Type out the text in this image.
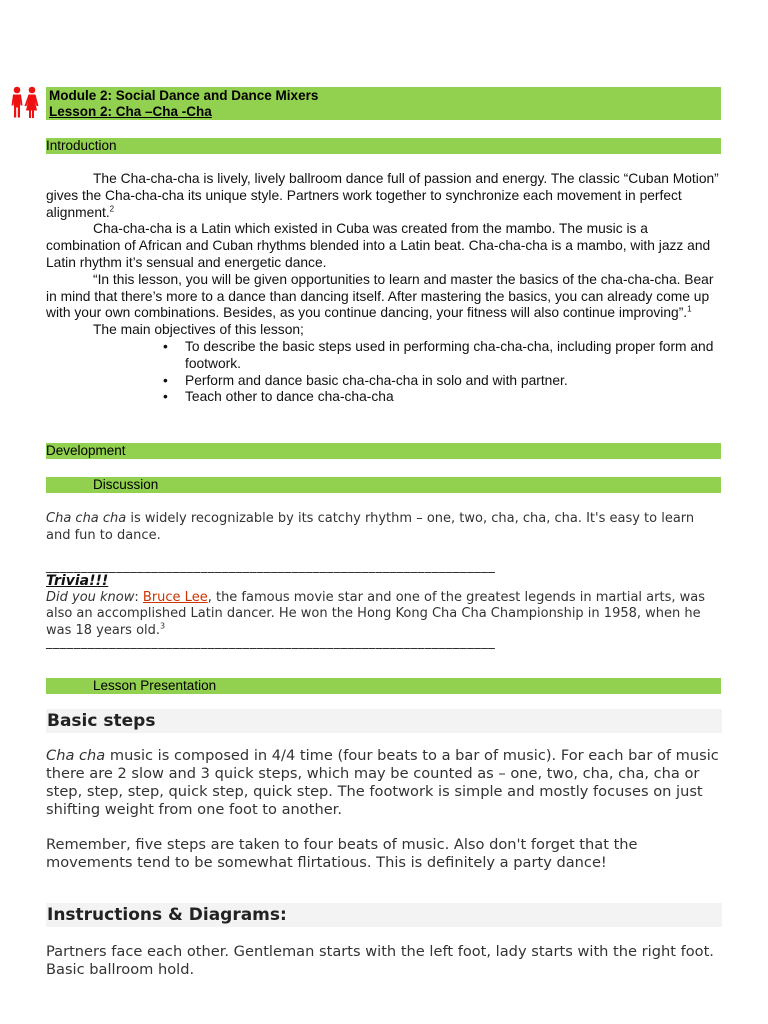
Module 2: Social Dance and Dance Mixers
Lesson 2: Cha –Cha -Cha
Introduction
The Cha-cha-cha is lively, lively ballroom dance full of passion and energy. The classic “Cuban Motion” gives the Cha-cha-cha its unique style. Partners work together to synchronize each movement in perfect alignment.$^2$
Cha-cha-cha is a Latin which existed in Cuba was created from the mambo. The music is a combination of African and Cuban rhythms blended into a Latin beat. Cha-cha-cha is a mambo, with jazz and Latin rhythm it’s sensual and energetic dance.
“In this lesson, you will be given opportunities to learn and master the basics of the cha-cha-cha. Bear in mind that there’s more to a dance than dancing itself. After mastering the basics, you can already come up with your own combinations. Besides, as you continue dancing, your fitness will also continue improving”.$^1$
The main objectives of this lesson;
• To describe the basic steps used in performing cha-cha-cha, including proper form and footwork.
• Perform and dance basic cha-cha-cha in solo and with partner.
• Teach other to dance cha-cha-cha
Development
Discussion
Cha cha cha is widely recognizable by its catchy rhythm – one, two, cha, cha, cha. It's easy to learn and fun to dance.
________________________________________________________________
Trivia!!!
Did you know: Bruce Lee, the famous movie star and one of the greatest legends in martial arts, was also an accomplished Latin dancer. He won the Hong Kong Cha Cha Championship in 1958, when he was 18 years old.$^3$
________________________________________________________________
Lesson Presentation
Basic steps
Cha cha music is composed in 4/4 time (four beats to a bar of music). For each bar of music there are 2 slow and 3 quick steps, which may be counted as – one, two, cha, cha, cha or step, step, step, quick step, quick step. The footwork is simple and mostly focuses on just shifting weight from one foot to another.
Remember, five steps are taken to four beats of music. Also don't forget that the movements tend to be somewhat flirtatious. This is definitely a party dance!
Instructions & Diagrams:
Partners face each other. Gentleman starts with the left foot, lady starts with the right foot. Basic ballroom hold.
